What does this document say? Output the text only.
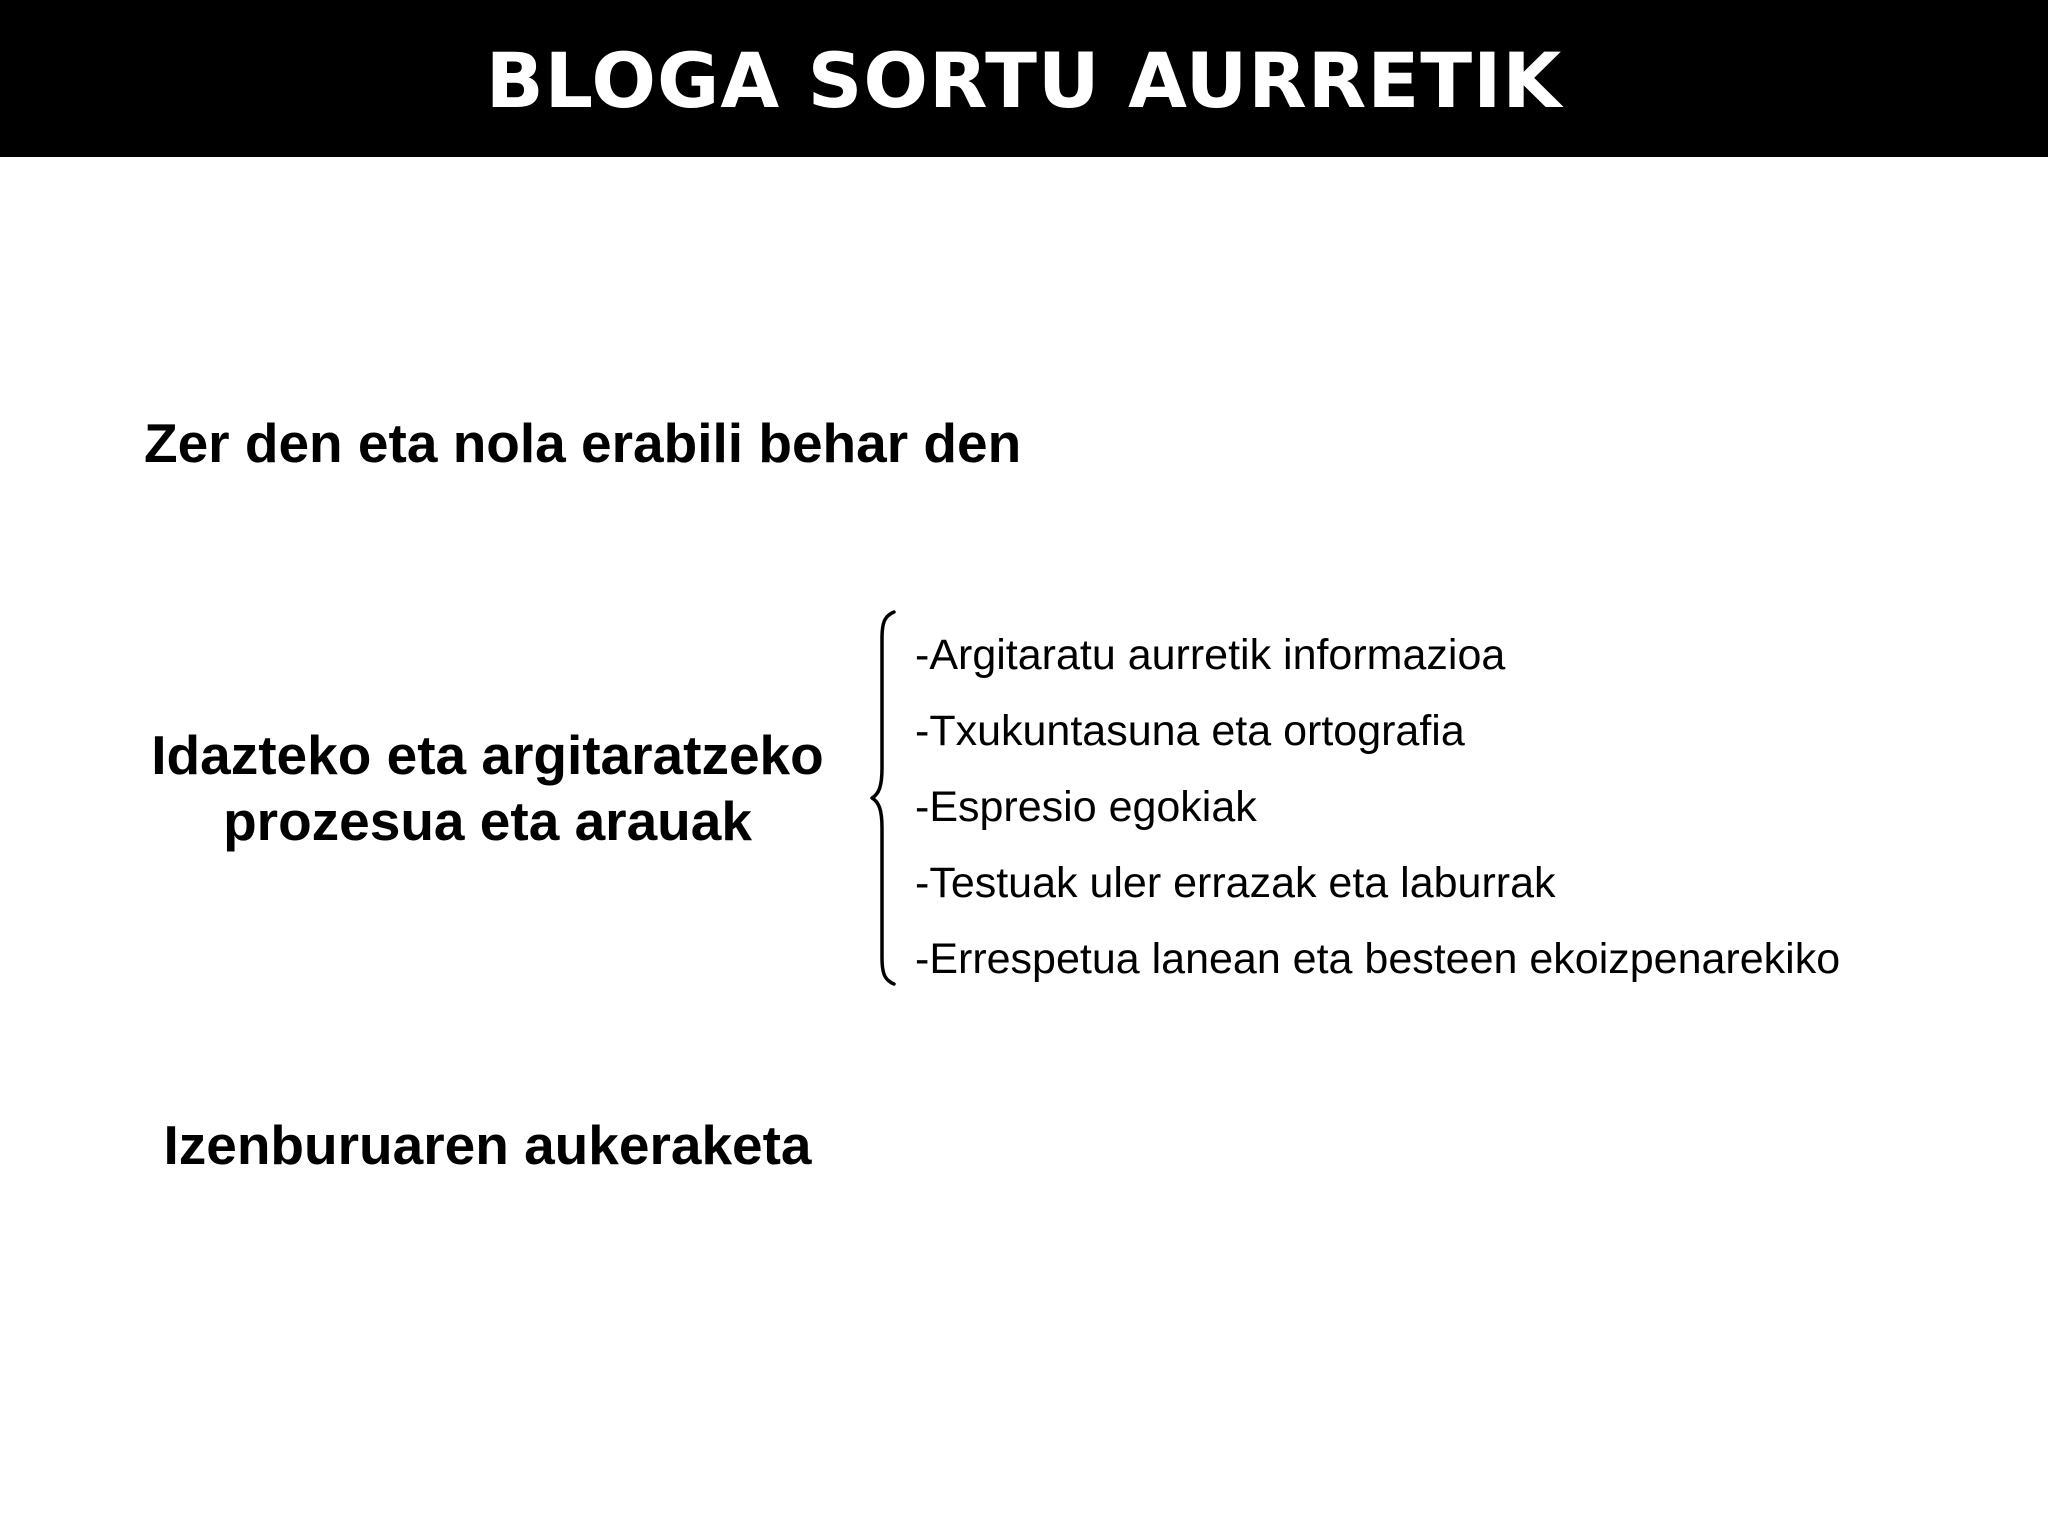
BLOGA SORTU AURRETIK
Zer den eta nola erabili behar den
Idazteko eta argitaratzeko
prozesua eta arauak
-Argitaratu aurretik informazioa
-Txukuntasuna eta ortografia
-Espresio egokiak
-Testuak uler errazak eta laburrak
-Errespetua lanean eta besteen ekoizpenarekiko
Izenburuaren aukeraketa
